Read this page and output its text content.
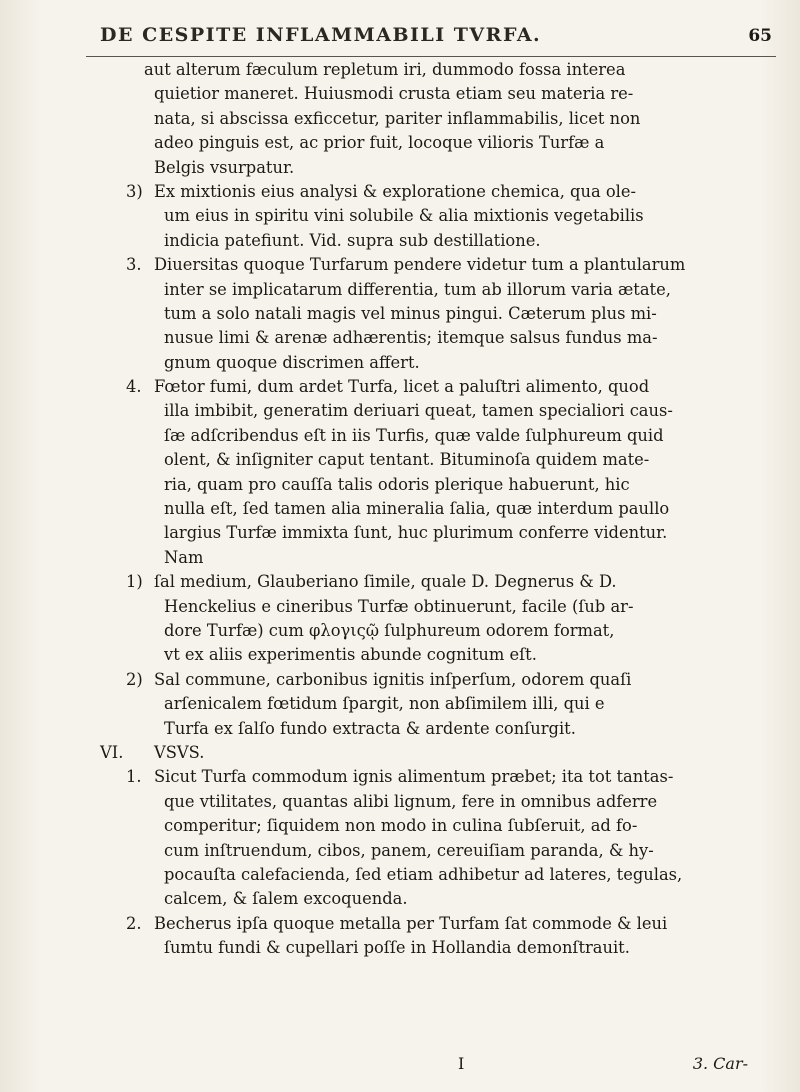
DE CESPITE INFLAMMABILI TVRFA.	65
aut alterum fæculum repletum iri, dummodo fossa interea
quietior maneret. Huiusmodi crusta etiam seu materia re-
nata, si abscissa exficcetur, pariter inflammabilis, licet non
adeo pinguis est, ac prior fuit, locoque vilioris Turfæ a
Belgis vsurpatur.
3) Ex mixtionis eius analysi & exploratione chemica, qua ole-
um eius in spiritu vini solubile & alia mixtionis vegetabilis
indicia patefiunt. Vid. supra sub destillatione.
3. Diuersitas quoque Turfarum pendere videtur tum a plantularum
inter se implicatarum differentia, tum ab illorum varia ætate,
tum a solo natali magis vel minus pingui. Cæterum plus mi-
nusue limi & arenæ adhærentis; itemque salsus fundus ma-
gnum quoque discrimen affert.
4. Fœtor fumi, dum ardet Turfa, licet a paluſtri alimento, quod
illa imbibit, generatim deriuari queat, tamen specialiori caus-
ſæ adſcribendus eſt in iis Turfis, quæ valde ſulphureum quid
olent, & inſigniter caput tentant. Bituminoſa quidem mate-
ria, quam pro cauſſa talis odoris plerique habuerunt, hic
nulla eſt, ſed tamen alia mineralia ſalia, quæ interdum paullo
largius Turfæ immixta ſunt, huc plurimum conferre videntur.
Nam
1) ſal medium, Glauberiano ſimile, quale D. Degnerus & D.
Henckelius e cineribus Turfæ obtinuerunt, facile (ſub ar-
dore Turfæ) cum φλογιςῷ ſulphureum odorem format,
vt ex aliis experimentis abunde cognitum eſt.
2) Sal commune, carbonibus ignitis inſperſum, odorem quaſi
arſenicalem fœtidum ſpargit, non abſimilem illi, qui e
Turfa ex ſalſo fundo extracta & ardente conſurgit.
VI. VSVS.
1. Sicut Turfa commodum ignis alimentum præbet; ita tot tantas-
que vtilitates, quantas alibi lignum, fere in omnibus adferre
comperitur; ſiquidem non modo in culina ſubſeruit, ad fo-
cum inſtruendum, cibos, panem, cereuiſiam paranda, & hy-
pocauſta calefacienda, ſed etiam adhibetur ad lateres, tegulas,
calcem, & ſalem excoquenda.
2. Becherus ipſa quoque metalla per Turfam ſat commode & leui
ſumtu fundi & cupellari poſſe in Hollandia demonſtrauit.
I	3. Car-
